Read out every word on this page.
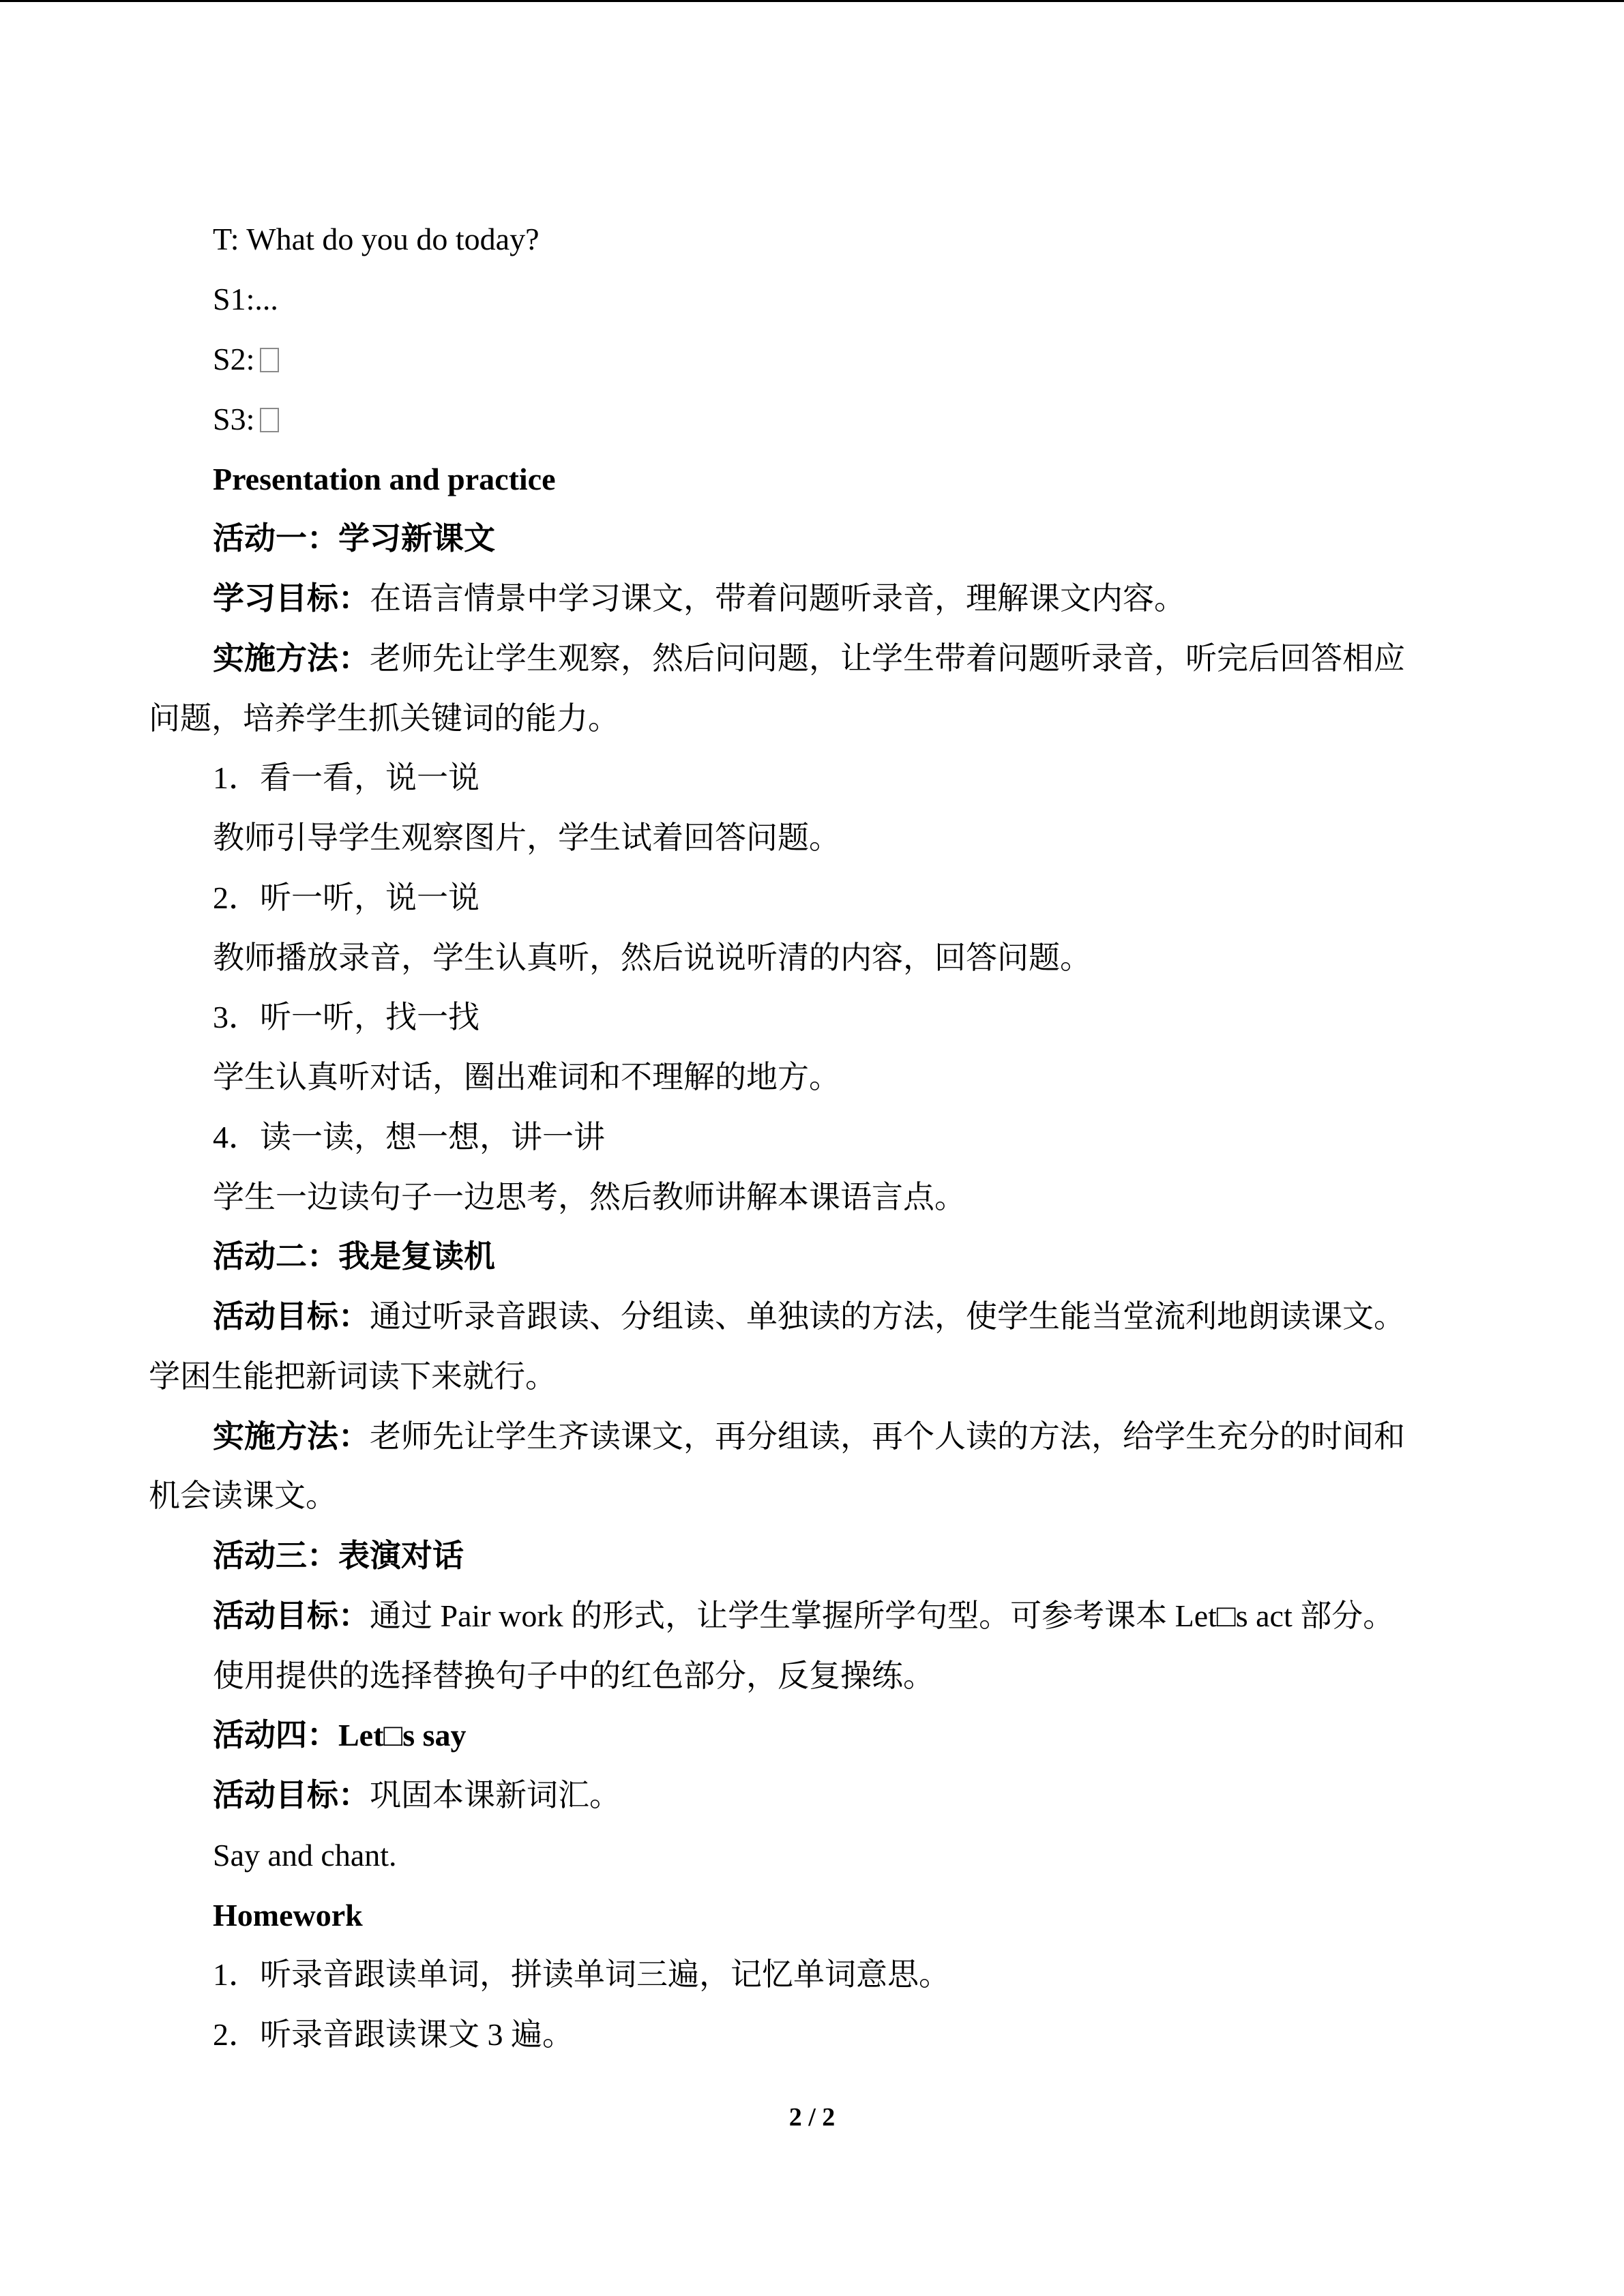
T: What do you do today?
S1:...
S2:
S3:
Presentation and practice
活动一：学习新课文
学习目标：在语言情景中学习课文，带着问题听录音，理解课文内容。
实施方法：老师先让学生观察，然后问问题，让学生带着问题听录音，听完后回答相应
问题，培养学生抓关键词的能力。
1．看一看，说一说
教师引导学生观察图片，学生试着回答问题。
2．听一听，说一说
教师播放录音，学生认真听，然后说说听清的内容，回答问题。
3．听一听，找一找
学生认真听对话，圈出难词和不理解的地方。
4．读一读，想一想，讲一讲
学生一边读句子一边思考，然后教师讲解本课语言点。
活动二：我是复读机
活动目标：通过听录音跟读、分组读、单独读的方法，使学生能当堂流利地朗读课文。
学困生能把新词读下来就行。
实施方法：老师先让学生齐读课文，再分组读，再个人读的方法，给学生充分的时间和
机会读课文。
活动三：表演对话
活动目标：通过 Pair work 的形式，让学生掌握所学句型。可参考课本 Let□s act 部分。
使用提供的选择替换句子中的红色部分，反复操练。
活动四：Let□s say
活动目标：巩固本课新词汇。
Say and chant.
Homework
1．听录音跟读单词，拼读单词三遍，记忆单词意思。
2．听录音跟读课文 3 遍。
2 / 2
